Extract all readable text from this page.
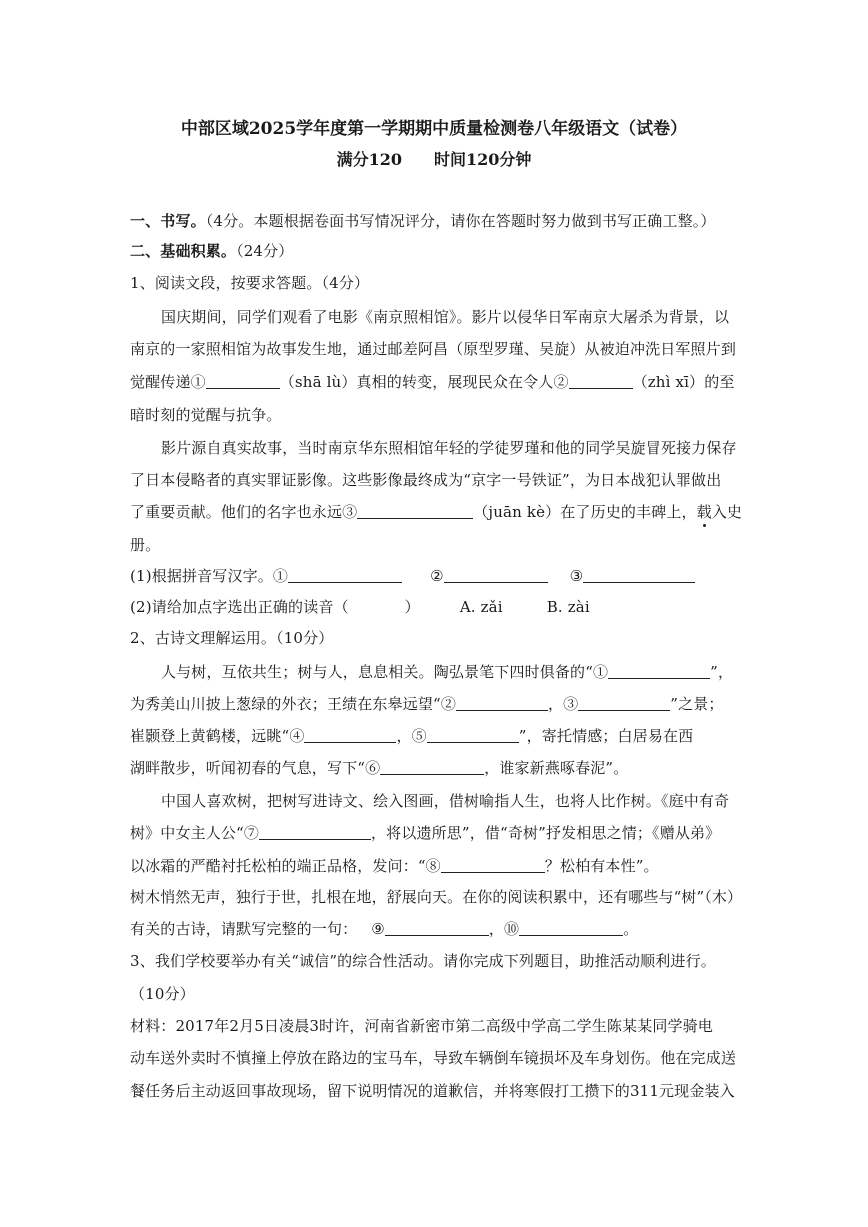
中部区域2025学年度第一学期期中质量检测卷八年级语文（试卷）
满分120 时间120分钟
一、书写。（4分。本题根据卷面书写情况评分，请你在答题时努力做到书写正确工整。）
二、基础积累。（24分）
1、阅读文段，按要求答题。（4分）
国庆期间，同学们观看了电影《南京照相馆》。影片以侵华日军南京大屠杀为背景，以
南京的一家照相馆为故事发生地，通过邮差阿昌（原型罗瑾、吴旋）从被迫冲洗日军照片到
觉醒传递①	（shā lù）真相的转变，展现民众在令人②	（zhì xī）的至
暗时刻的觉醒与抗争。
影片源自真实故事，当时南京华东照相馆年轻的学徒罗瑾和他的同学吴旋冒死接力保存
了日本侵略者的真实罪证影像。这些影像最终成为“京字一号铁证”，为日本战犯认罪做出
了重要贡献。他们的名字也永远③	（juān kè）在了历史的丰碑上，载入史
册。
(1)根据拼音写汉字。①	②	③
(2)请给加点字选出正确的读音（	）	A. zǎi	B. zài
2、古诗文理解运用。（10分）
人与树，互依共生；树与人，息息相关。陶弘景笔下四时俱备的“①	”，
为秀美山川披上葱绿的外衣；王绩在东皋远望“②	，③	”之景；
崔颢登上黄鹤楼，远眺“④	，⑤	”，寄托情感；白居易在西
湖畔散步，听闻初春的气息，写下“⑥	，谁家新燕啄春泥”。
中国人喜欢树，把树写进诗文、绘入图画，借树喻指人生，也将人比作树。《庭中有奇
树》中女主人公“⑦	，将以遗所思”，借“奇树”抒发相思之情；《赠从弟》
以冰霜的严酷衬托松柏的端正品格，发问：“⑧	？松柏有本性”。
树木悄然无声，独行于世，扎根在地，舒展向天。在你的阅读积累中，还有哪些与“树”（木）
有关的古诗，请默写完整的一句： ⑨	，⑩	。
3、我们学校要举办有关“诚信”的综合性活动。请你完成下列题目，助推活动顺利进行。
（10分）
材料：2017年2月5日凌晨3时许，河南省新密市第二高级中学高二学生陈某某同学骑电
动车送外卖时不慎撞上停放在路边的宝马车，导致车辆倒车镜损坏及车身划伤。他在完成送
餐任务后主动返回事故现场，留下说明情况的道歉信，并将寒假打工攒下的311元现金装入
